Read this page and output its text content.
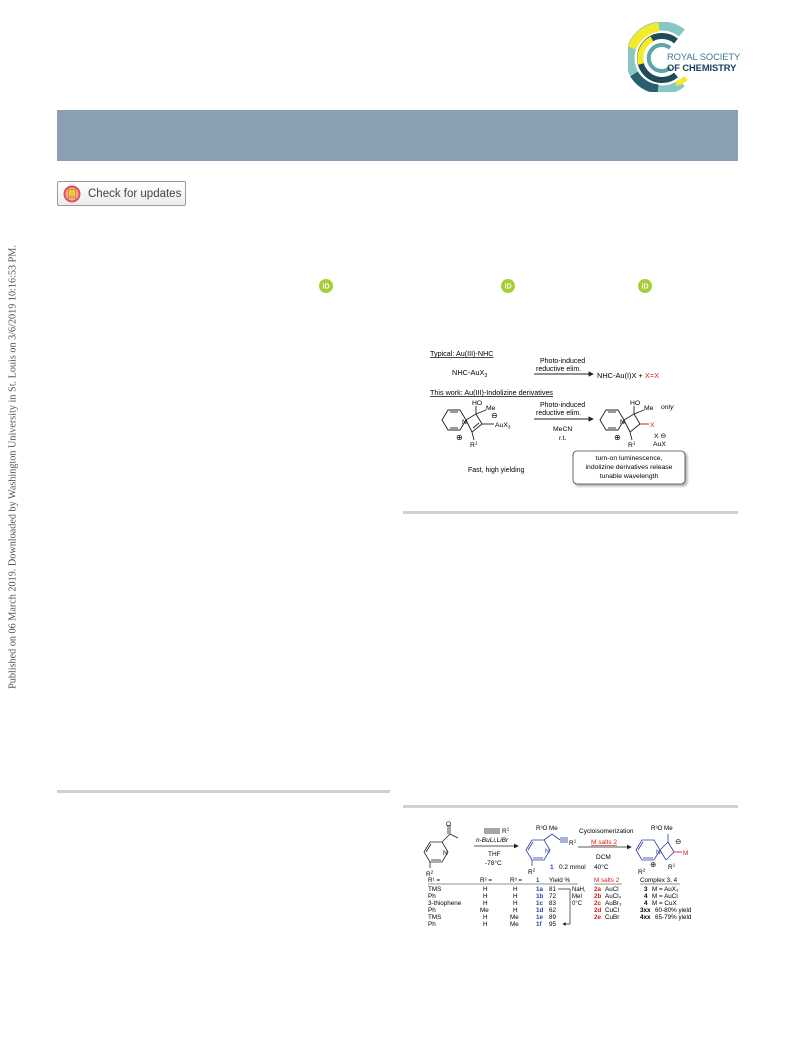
Published on 06 March 2019. Downloaded by Washington University in St. Louis on 3/6/2019 10:16:53 PM.
ROYAL SOCIETY
OF CHEMISTRY
Check for updates
iD	iD	iD
Typical: Au(III)-NHC
NHC-AuX$_3$
Photo-induced
reductive elim.
NHC-Au(I)X + X=X
This work: Au(III)-Indolizine derivatives
HO
Me
AuX$_3$
⊖
N
⊕
$R^1$
Photo-induced
reductive elim.
MeCN
r.t.
HO
Me only
X
X ⊖
AuX
N
⊕
$R^1$
Fast, high yielding
turn-on luminescence,
indolizine derivatives release
tunable wavelength
O
N
$R^2$
$R^1$
n-BuLi,LiBr
THF
-78°C
R³O Me
N
$R^1$
$R^2$ 1 0.2 mmol
Cycloisomerization
M salts 2
DCM
40°C
R³O Me
⊖
M
N
⊕ $R^1$
$R^2$
R¹ =	R² =	R³ = 1 Yield %
TMS	H	H	1a 81
Ph	H	H	1b 72
3-thiophene	H	H	1c 83
Ph	Me	H	1d 62
TMS	H	Me	1e 89
Ph	H	Me	1f 95
NaH,
MeI
0°C
M salts 2
2a AuCl
2b AuCl₃
2c AuBr₃
2d CuCl
2e CuBr
Complex 3, 4
3 M = AuX₃
4 M = AuCl
4 M = CuX
3xx 60-80% yield
4xx 65-79% yield
